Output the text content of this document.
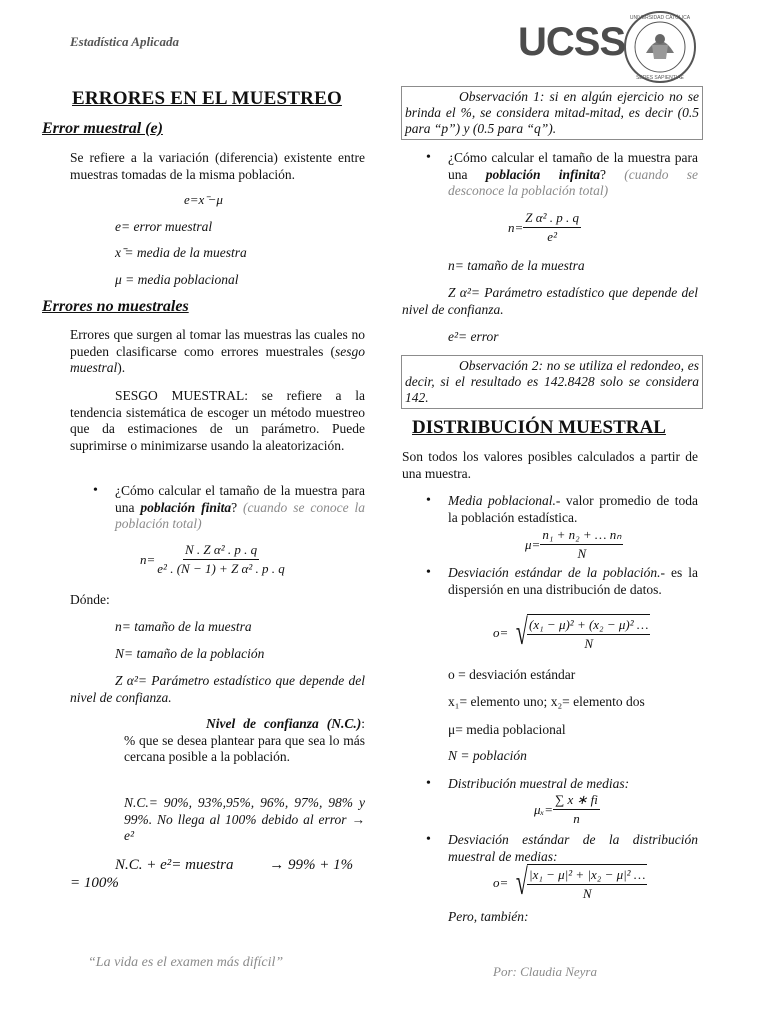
Estadística Aplicada	UCSS
UNIVERSIDAD CATÓLICA
SEDES SAPIENTIAE
ERRORES EN EL MUESTREO
Error muestral (e)
Se refiere a la variación (diferencia) existente entre muestras tomadas de la misma población.
e=x ̄−μ
e= error muestral
x ̄= media de la muestra
μ = media poblacional
Errores no muestrales
Errores que surgen al tomar las muestras las cuales no pueden clasificarse como errores muestrales (sesgo muestral).
SESGO MUESTRAL: se refiere a la tendencia sistemática de escoger un método muestreo que da estimaciones de un parámetro. Puede suprimirse o minimizarse usando la aleatorización.
• ¿Cómo calcular el tamaño de la muestra para una población finita? (cuando se conoce la población total)
$n= \frac{\text{N . Z α² . p . q}}{\text{e² . (N − 1) + Z α² . p . q}}$
Dónde:
n= tamaño de la muestra
N= tamaño de la población
Z α²= Parámetro estadístico que depende del nivel de confianza.
Nivel de confianza (N.C.): % que se desea plantear para que sea lo más cercana posible a la población.
N.C.= 90%, 93%,95%, 96%, 97%, 98% y 99%. No llega al 100% debido al error → e²
N.C. + e²= muestra → 99% + 1% = 100%
Observación 1: si en algún ejercicio no se brinda el %, se considera mitad-mitad, es decir (0.5 para “p”) y (0.5 para “q”).
• ¿Cómo calcular el tamaño de la muestra para una población infinita? (cuando se desconoce la población total)
$n= \frac{\text{Z α² . p . q}}{\text{e²}}$
n= tamaño de la muestra
Z α²= Parámetro estadístico que depende del nivel de confianza.
e²= error
Observación 2: no se utiliza el redondeo, es decir, si el resultado es 142.8428 solo se considera 142.
DISTRIBUCIÓN MUESTRAL
Son todos los valores posibles calculados a partir de una muestra.
• Media poblacional.- valor promedio de toda la población estadística.
$\mu= \frac{\text{n₁ + n₂ + … nₙ}}{N}$
• Desviación estándar de la población.- es la dispersión en una distribución de datos.
o= √ $\frac{\text{(x₁ − μ)² + (x₂ − μ)² …}}{N}$
o = desviación estándar
x₁= elemento uno; x₂= elemento dos
μ= media poblacional
N = población
• Distribución muestral de medias:
$\mu_x= \frac{\sum x ∗ fi}{n}$
• Desviación estándar de la distribución muestral de medias:
o= √ $\frac{\text{|x₁ − μ|² + |x₂ − μ|² …}}{N}$
Pero, también:
“La vida es el examen más difícil”
Por: Claudia Neyra
